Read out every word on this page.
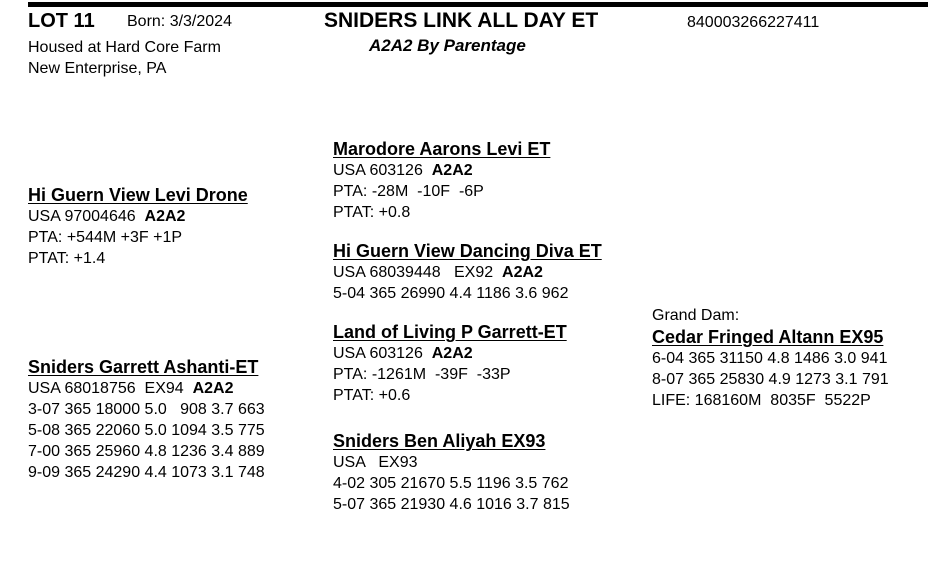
LOT 11 Born: 3/3/2024
Housed at Hard Core Farm
New Enterprise, PA
SNIDERS LINK ALL DAY ET
A2A2 By Parentage
840003266227411
Hi Guern View Levi Drone
USA 97004646 A2A2
PTA: +544M +3F +1P
PTAT: +1.4
Marodore Aarons Levi ET
USA 603126 A2A2
PTA: -28M  -10F  -6P
PTAT: +0.8
Hi Guern View Dancing Diva ET
USA 68039448   EX92 A2A2
5-04 365 26990 4.4 1186 3.6 962
Sniders Garrett Ashanti-ET
USA 68018756  EX94 A2A2
3-07 365 18000 5.0   908 3.7 663
5-08 365 22060 5.0 1094 3.5 775
7-00 365 25960 4.8 1236 3.4 889
9-09 365 24290 4.4 1073 3.1 748
Land of Living P Garrett-ET
USA 603126 A2A2
PTA: -1261M  -39F  -33P
PTAT: +0.6
Sniders Ben Aliyah EX93
USA   EX93
4-02 305 21670 5.5 1196 3.5 762
5-07 365 21930 4.6 1016 3.7 815
Grand Dam:
Cedar Fringed Altann EX95
6-04 365 31150 4.8 1486 3.0 941
8-07 365 25830 4.9 1273 3.1 791
LIFE: 168160M  8035F  5522P
